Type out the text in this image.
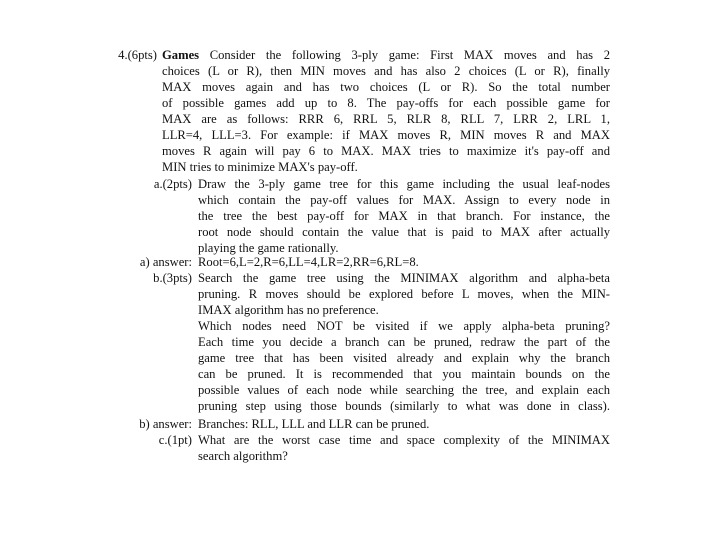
4.(6pts) Games Consider the following 3-ply game: First MAX moves and has 2
choices (L or R), then MIN moves and has also 2 choices (L or R), finally
MAX moves again and has two choices (L or R). So the total number
of possible games add up to 8. The pay-offs for each possible game for
MAX are as follows: RRR 6, RRL 5, RLR 8, RLL 7, LRR 2, LRL 1,
LLR=4, LLL=3. For example: if MAX moves R, MIN moves R and MAX
moves R again will pay 6 to MAX. MAX tries to maximize it's pay-off and
MIN tries to minimize MAX's pay-off.
a.(2pts) Draw the 3-ply game tree for this game including the usual leaf-nodes
which contain the pay-off values for MAX. Assign to every node in
the tree the best pay-off for MAX in that branch. For instance, the
root node should contain the value that is paid to MAX after actually
playing the game rationally.
a) answer: Root=6,L=2,R=6,LL=4,LR=2,RR=6,RL=8.
b.(3pts) Search the game tree using the MINIMAX algorithm and alpha-beta
pruning. R moves should be explored before L moves, when the MIN-
IMAX algorithm has no preference.
Which nodes need NOT be visited if we apply alpha-beta pruning?
Each time you decide a branch can be pruned, redraw the part of the
game tree that has been visited already and explain why the branch
can be pruned. It is recommended that you maintain bounds on the
possible values of each node while searching the tree, and explain each
pruning step using those bounds (similarly to what was done in class).
b) answer: Branches: RLL, LLL and LLR can be pruned.
c.(1pt) What are the worst case time and space complexity of the MINIMAX
search algorithm?
